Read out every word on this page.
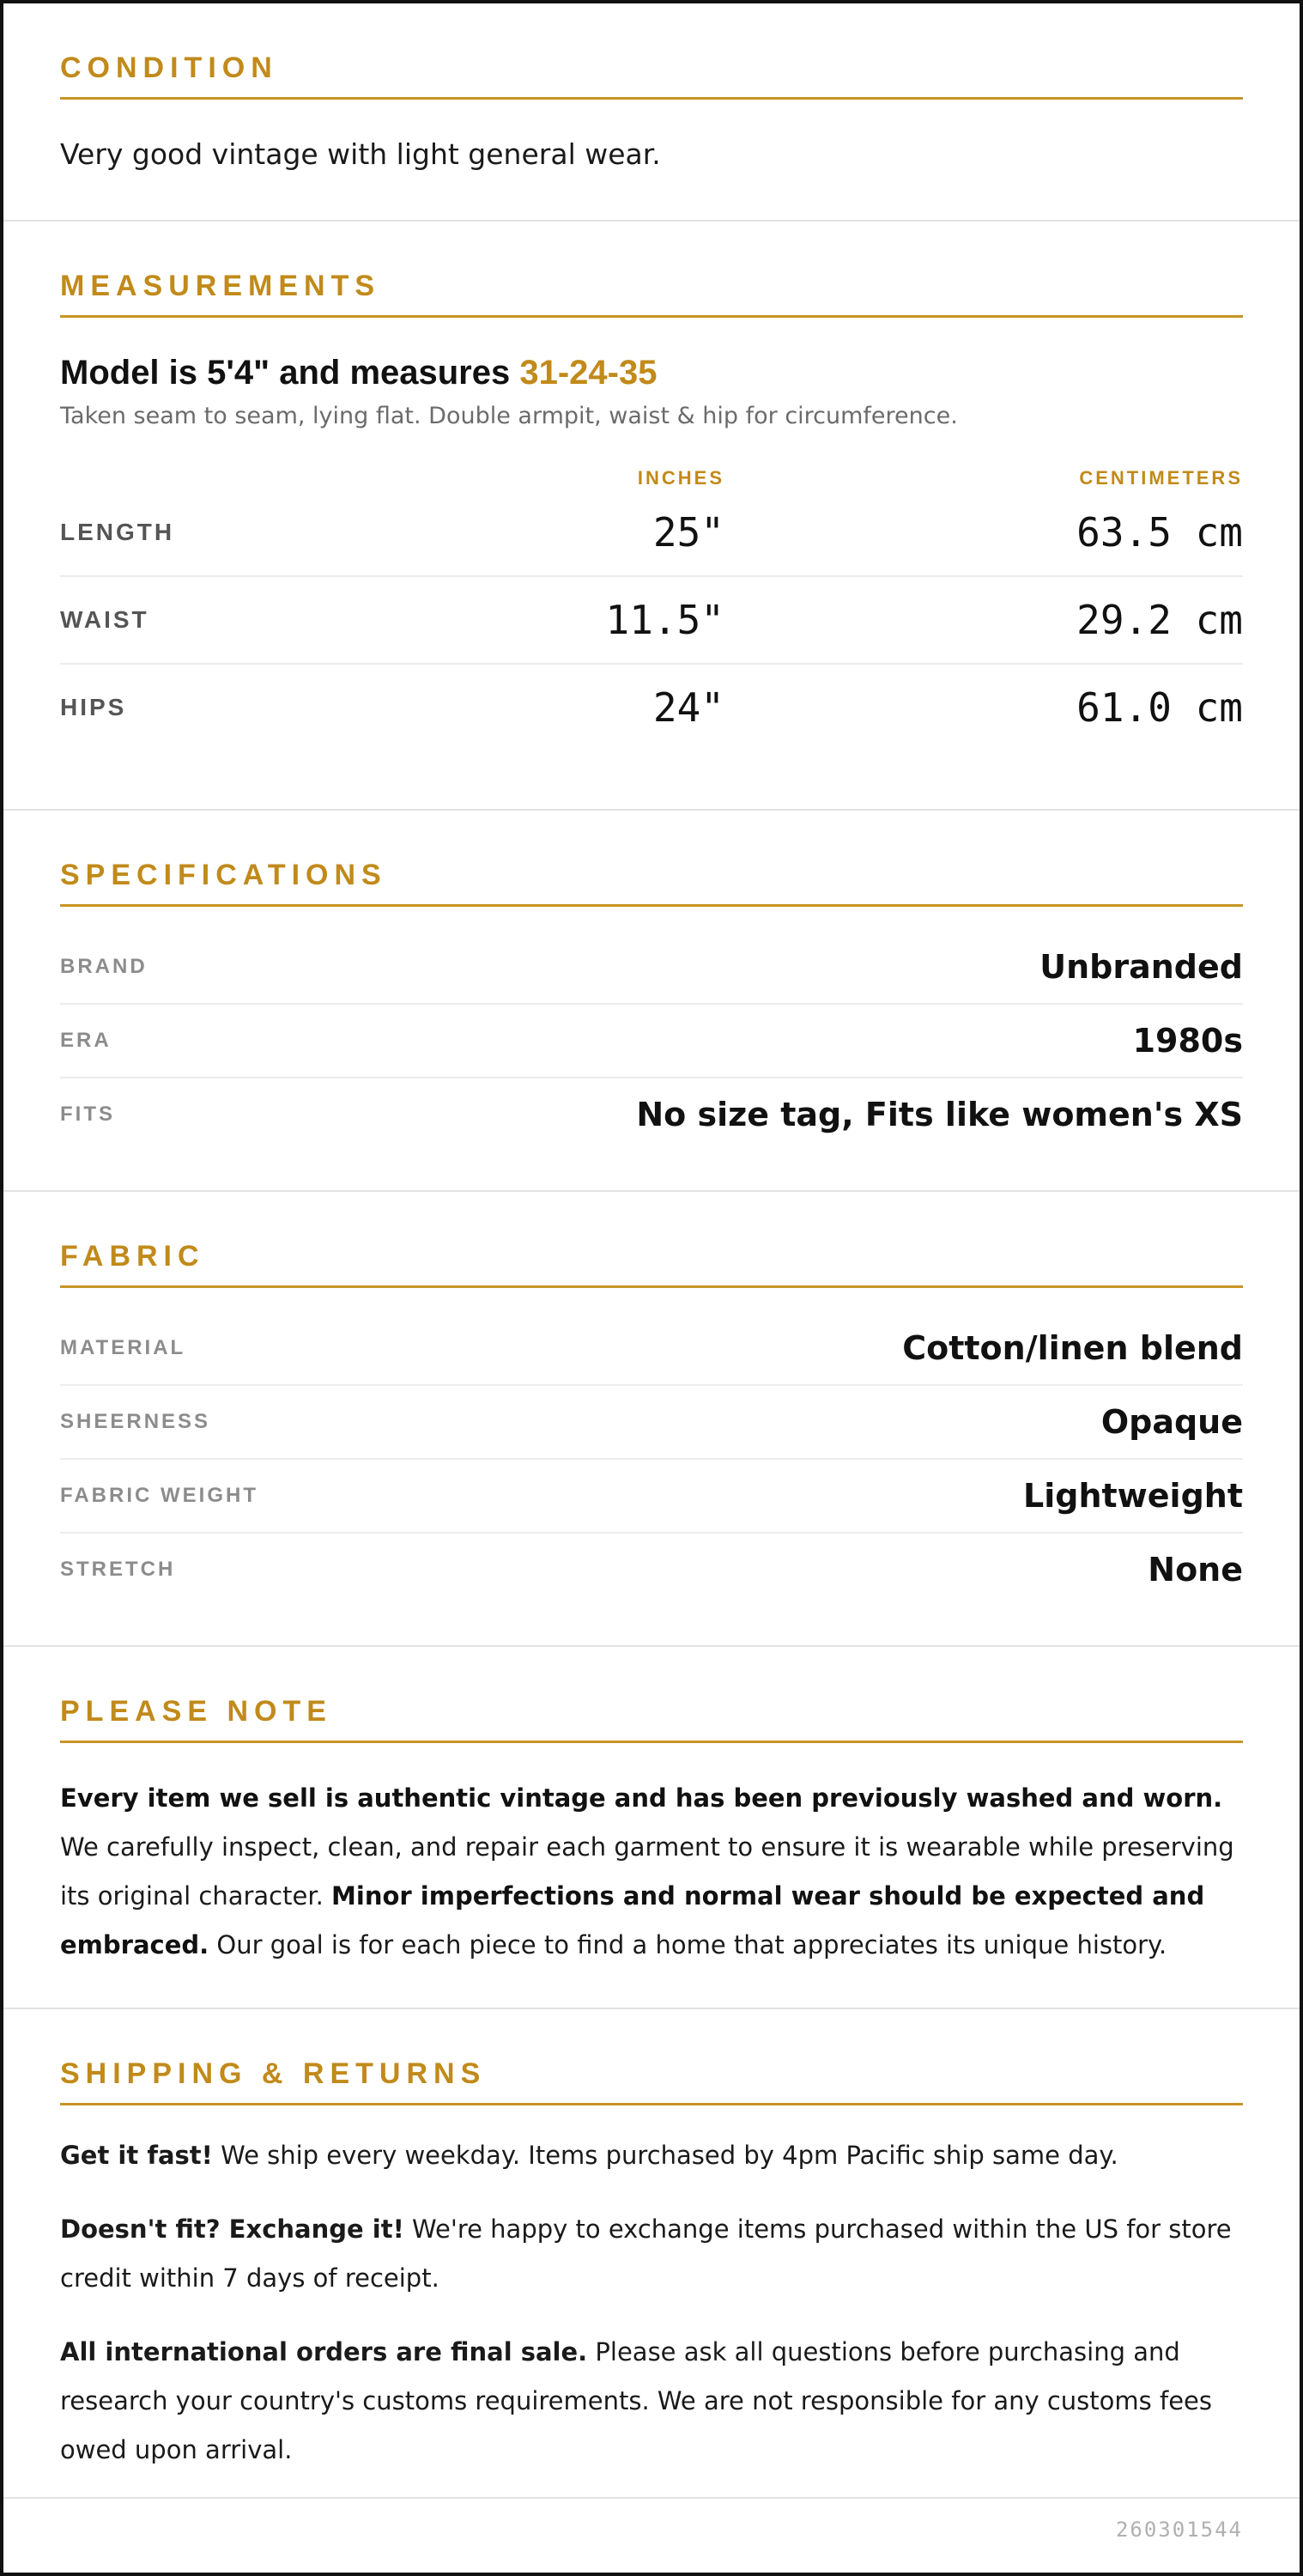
CONDITION
Very good vintage with light general wear.
MEASUREMENTS
Model is 5'4" and measures 31-24-35
Taken seam to seam, lying flat. Double armpit, waist & hip for circumference.
INCHES	CENTIMETERS
LENGTH	25"	63.5 cm
WAIST	11.5"	29.2 cm
HIPS	24"	61.0 cm
SPECIFICATIONS
BRAND	Unbranded
ERA	1980s
FITS	No size tag, Fits like women's XS
FABRIC
MATERIAL	Cotton/linen blend
SHEERNESS	Opaque
FABRIC WEIGHT	Lightweight
STRETCH	None
PLEASE NOTE

Every item we sell is authentic vintage and has been previously washed and worn. We carefully inspect, clean, and repair each garment to ensure it is wearable while preserving its original character. Minor imperfections and normal wear should be expected and embraced. Our goal is for each piece to find a home that appreciates its unique history.

SHIPPING & RETURNS

Get it fast! We ship every weekday. Items purchased by 4pm Pacific ship same day.

Doesn't fit? Exchange it! We're happy to exchange items purchased within the US for store credit within 7 days of receipt.

All international orders are final sale. Please ask all questions before purchasing and research your country's customs requirements. We are not responsible for any customs fees owed upon arrival.

260301544
